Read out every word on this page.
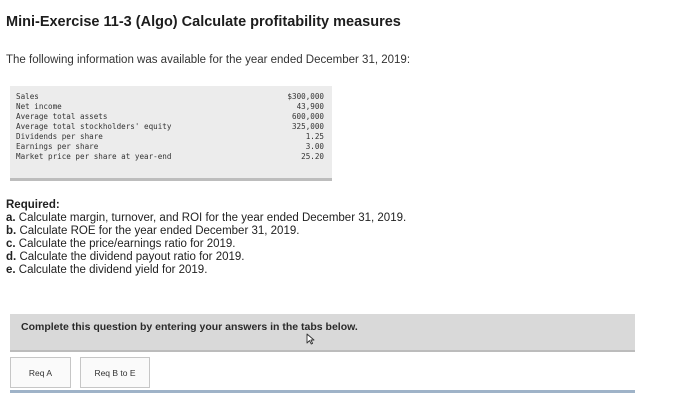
Mini-Exercise 11-3 (Algo) Calculate profitability measures
The following information was available for the year ended December 31, 2019:
Sales	$300,000
Net income	43,900
Average total assets	600,000
Average total stockholders' equity	325,000
Dividends per share	1.25
Earnings per share	3.00
Market price per share at year-end	25.20
Required:
a. Calculate margin, turnover, and ROI for the year ended December 31, 2019.
b. Calculate ROE for the year ended December 31, 2019.
c. Calculate the price/earnings ratio for 2019.
d. Calculate the dividend payout ratio for 2019.
e. Calculate the dividend yield for 2019.
Complete this question by entering your answers in the tabs below.
Req A	Req B to E
